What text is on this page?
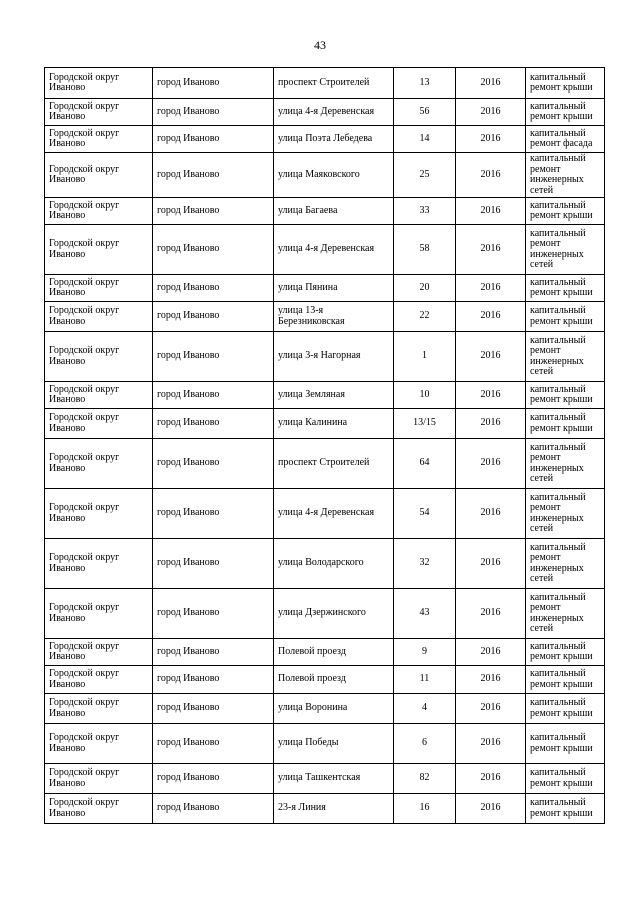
43
Городской округ Иваново	город Иваново	проспект Строителей	13	2016	капитальный ремонт крыши
Городской округ Иваново	город Иваново	улица 4-я Деревенская	56	2016	капитальный ремонт крыши
Городской округ Иваново	город Иваново	улица Поэта Лебедева	14	2016	капитальный ремонт фасада
Городской округ Иваново	город Иваново	улица Маяковского	25	2016	капитальный ремонт инженерных сетей
Городской округ Иваново	город Иваново	улица Багаева	33	2016	капитальный ремонт крыши
Городской округ Иваново	город Иваново	улица 4-я Деревенская	58	2016	капитальный ремонт инженерных сетей
Городской округ Иваново	город Иваново	улица Пянина	20	2016	капитальный ремонт крыши
Городской округ Иваново	город Иваново	улица 13-я Березниковская	22	2016	капитальный ремонт крыши
Городской округ Иваново	город Иваново	улица 3-я Нагорная	1	2016	капитальный ремонт инженерных сетей
Городской округ Иваново	город Иваново	улица Земляная	10	2016	капитальный ремонт крыши
Городской округ Иваново	город Иваново	улица Калинина	13/15	2016	капитальный ремонт крыши
Городской округ Иваново	город Иваново	проспект Строителей	64	2016	капитальный ремонт инженерных сетей
Городской округ Иваново	город Иваново	улица 4-я Деревенская	54	2016	капитальный ремонт инженерных сетей
Городской округ Иваново	город Иваново	улица Володарского	32	2016	капитальный ремонт инженерных сетей
Городской округ Иваново	город Иваново	улица Дзержинского	43	2016	капитальный ремонт инженерных сетей
Городской округ Иваново	город Иваново	Полевой проезд	9	2016	капитальный ремонт крыши
Городской округ Иваново	город Иваново	Полевой проезд	11	2016	капитальный ремонт крыши
Городской округ Иваново	город Иваново	улица Воронина	4	2016	капитальный ремонт крыши
Городской округ Иваново	город Иваново	улица Победы	6	2016	капитальный ремонт крыши
Городской округ Иваново	город Иваново	улица Ташкентская	82	2016	капитальный ремонт крыши
Городской округ Иваново	город Иваново	23-я Линия	16	2016	капитальный ремонт крыши
